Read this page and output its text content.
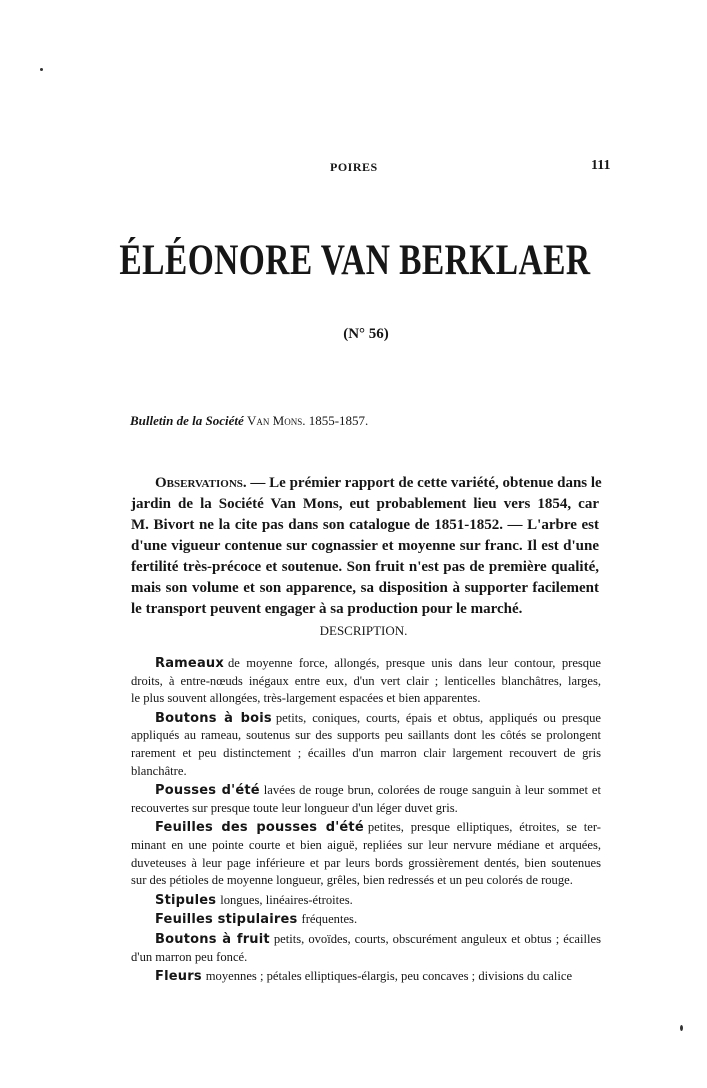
POIRES	111
ÉLÉONORE VAN BERKLAER
(N° 56)
Bulletin de la Société Van Mons. 1855-1857.
Observations. — Le prémier rapport de cette variété, obtenue dans le
jardin de la Société Van Mons, eut probablement lieu vers 1854, car
M. Bivort ne la cite pas dans son catalogue de 1851-1852. — L'arbre est
d'une vigueur contenue sur cognassier et moyenne sur franc. Il est d'une
fertilité très-précoce et soutenue. Son fruit n'est pas de première qualité,
mais son volume et son apparence, sa disposition à supporter facilement
le transport peuvent engager à sa production pour le marché.
DESCRIPTION.
Rameaux de moyenne force, allongés, presque unis dans leur contour, presque
droits, à entre-nœuds inégaux entre eux, d'un vert clair ; lenticelles blanchâtres, larges,
le plus souvent allongées, très-largement espacées et bien apparentes.
Boutons à bois petits, coniques, courts, épais et obtus, appliqués ou presque
appliqués au rameau, soutenus sur des supports peu saillants dont les côtés se prolongent
rarement et peu distinctement ; écailles d'un marron clair largement recouvert de gris
blanchâtre.
Pousses d'été lavées de rouge brun, colorées de rouge sanguin à leur sommet et
recouvertes sur presque toute leur longueur d'un léger duvet gris.
Feuilles des pousses d'été petites, presque elliptiques, étroites, se ter-
minant en une pointe courte et bien aiguë, repliées sur leur nervure médiane et arquées,
duveteuses à leur page inférieure et par leurs bords grossièrement dentés, bien soutenues
sur des pétioles de moyenne longueur, grêles, bien redressés et un peu colorés de rouge.
Stipules longues, linéaires-étroites.
Feuilles stipulaires fréquentes.
Boutons à fruit petits, ovoïdes, courts, obscurément anguleux et obtus ; écailles
d'un marron peu foncé.
Fleurs moyennes ; pétales elliptiques-élargis, peu concaves ; divisions du calice
